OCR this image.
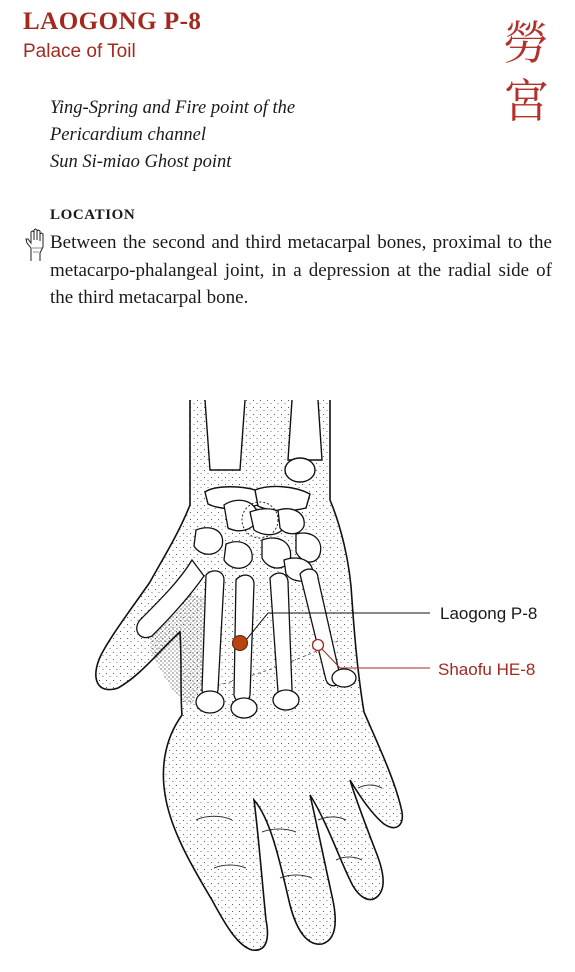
LAOGONG P-8
Palace of Toil	勞
宮
Ying-Spring and Fire point of the
Pericardium channel
Sun Si-miao Ghost point
LOCATION
Between the second and third metacarpal bones, proximal to the metacarpo-phalangeal joint, in a depression at the radial side of the third metacarpal bone.
Laogong P-8
Shaofu HE-8
